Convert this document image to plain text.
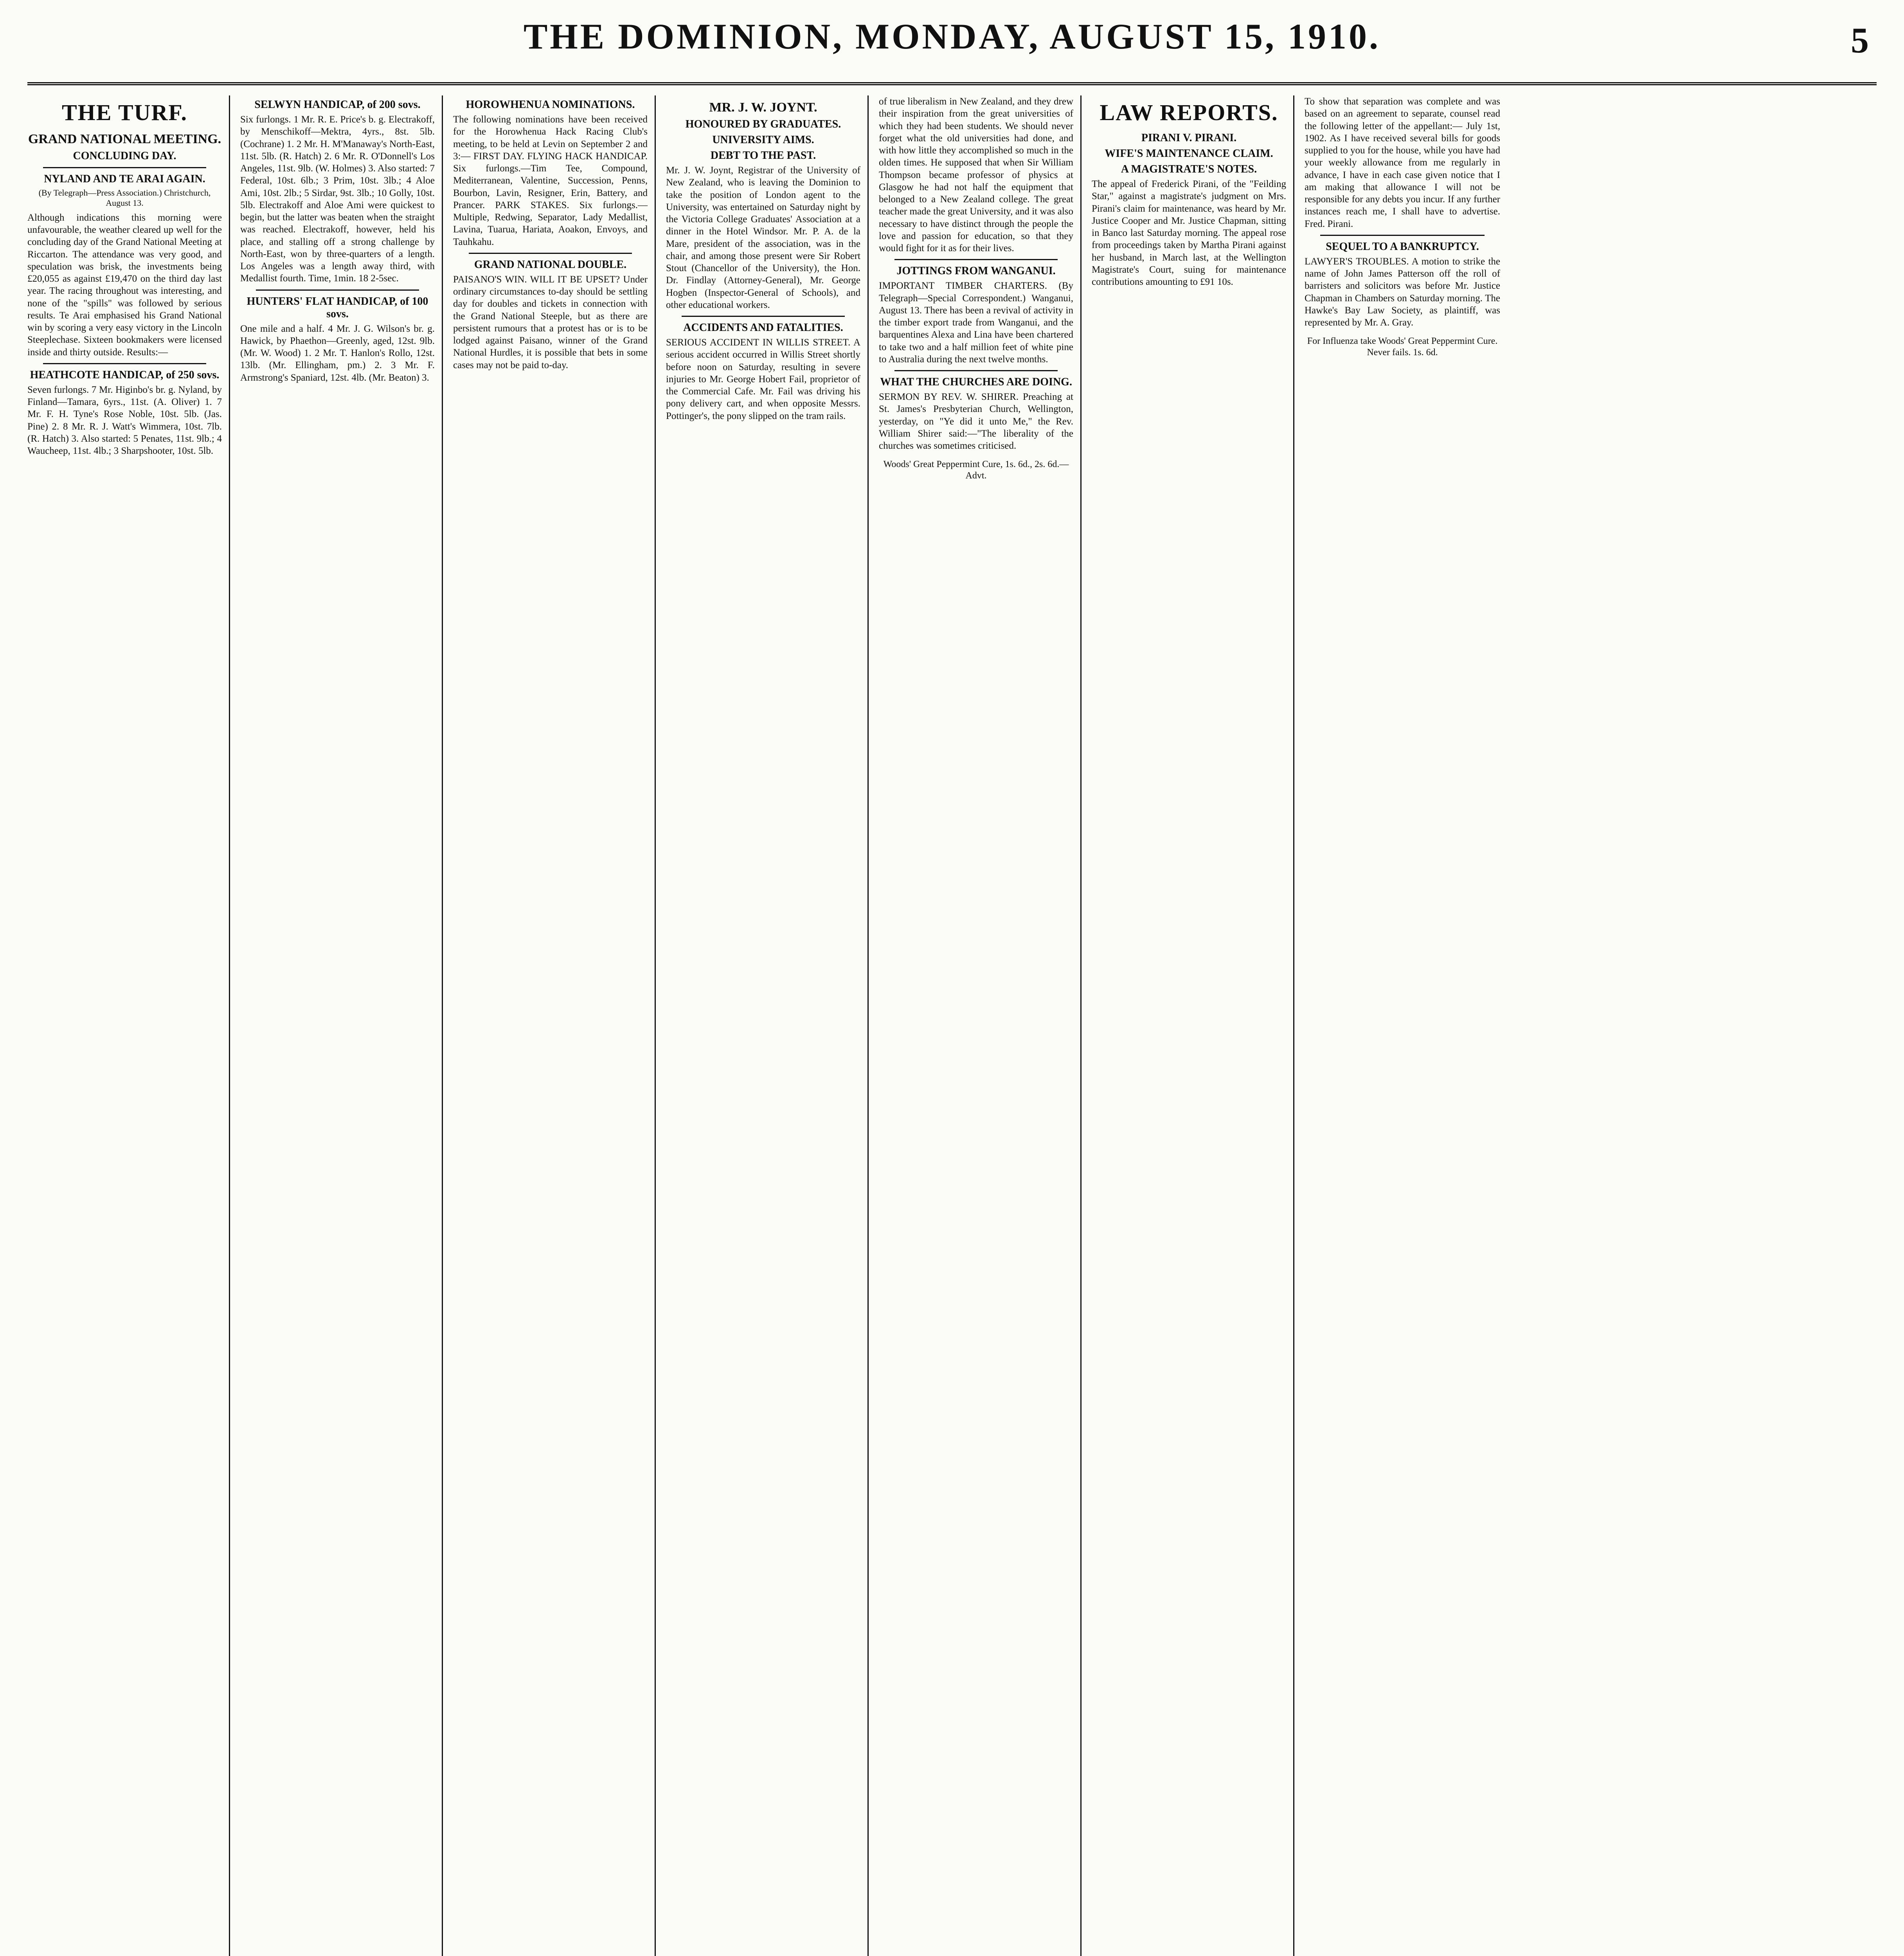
THE DOMINION, MONDAY, AUGUST 15, 1910.	5
THE TURF.
GRAND NATIONAL MEETING.
CONCLUDING DAY.
NYLAND AND TE ARAI AGAIN.

(By Telegraph—Press Association.) Christchurch, August 13.

Although indications this morning were unfavourable, the weather cleared up well for the concluding day of the Grand National Meeting at Riccarton. The attendance was very good, and speculation was brisk, the investments being £20,055 as against £19,470 on the third day last year. The racing throughout was interesting, and none of the "spills" was followed by serious results. Te Arai emphasised his Grand National win by scoring a very easy victory in the Lincoln Steeplechase. Sixteen bookmakers were licensed inside and thirty outside. Results:—

HEATHCOTE HANDICAP, of 250 sovs.

Seven furlongs. 7 Mr. Higinbo's br. g. Nyland, by Finland—Tamara, 6yrs., 11st. (A. Oliver) 1. 7 Mr. F. H. Tyne's Rose Noble, 10st. 5lb. (Jas. Pine) 2. 8 Mr. R. J. Watt's Wimmera, 10st. 7lb. (R. Hatch) 3. Also started: 5 Penates, 11st. 9lb.; 4 Waucheep, 11st. 4lb.; 3 Sharpshooter, 10st. 5lb.

SELWYN HANDICAP, of 200 sovs.

Six furlongs. 1 Mr. R. E. Price's b. g. Electrakoff, by Menschikoff—Mektra, 4yrs., 8st. 5lb. (Cochrane) 1. 2 Mr. H. M'Manaway's North-East, 11st. 5lb. (R. Hatch) 2. 6 Mr. R. O'Donnell's Los Angeles, 11st. 9lb. (W. Holmes) 3. Also started: 7 Federal, 10st. 6lb.; 3 Prim, 10st. 3lb.; 4 Aloe Ami, 10st. 2lb.; 5 Sirdar, 9st. 3lb.; 10 Golly, 10st. 5lb. Electrakoff and Aloe Ami were quickest to begin, but the latter was beaten when the straight was reached. Electrakoff, however, held his place, and stalling off a strong challenge by North-East, won by three-quarters of a length. Los Angeles was a length away third, with Medallist fourth. Time, 1min. 18 2-5sec.

HUNTERS' FLAT HANDICAP, of 100 sovs.

One mile and a half. 4 Mr. J. G. Wilson's br. g. Hawick, by Phaethon—Greenly, aged, 12st. 9lb. (Mr. W. Wood) 1. 2 Mr. T. Hanlon's Rollo, 12st. 13lb. (Mr. Ellingham, pm.) 2. 3 Mr. F. Armstrong's Spaniard, 12st. 4lb. (Mr. Beaton) 3.

HOROWHENUA NOMINATIONS.

The following nominations have been received for the Horowhenua Hack Racing Club's meeting, to be held at Levin on September 2 and 3:— FIRST DAY. FLYING HACK HANDICAP. Six furlongs.—Tim Tee, Compound, Mediterranean, Valentine, Succession, Penns, Bourbon, Lavin, Resigner, Erin, Battery, and Prancer. PARK STAKES. Six furlongs.—Multiple, Redwing, Separator, Lady Medallist, Lavina, Tuarua, Hariata, Aoakon, Envoys, and Tauhkahu.

GRAND NATIONAL DOUBLE.

PAISANO'S WIN. WILL IT BE UPSET? Under ordinary circumstances to-day should be settling day for doubles and tickets in connection with the Grand National Steeple, but as there are persistent rumours that a protest has or is to be lodged against Paisano, winner of the Grand National Hurdles, it is possible that bets in some cases may not be paid to-day.

MR. J. W. JOYNT.
HONOURED BY GRADUATES.
UNIVERSITY AIMS.
DEBT TO THE PAST.

Mr. J. W. Joynt, Registrar of the University of New Zealand, who is leaving the Dominion to take the position of London agent to the University, was entertained on Saturday night by the Victoria College Graduates' Association at a dinner in the Hotel Windsor. Mr. P. A. de la Mare, president of the association, was in the chair, and among those present were Sir Robert Stout (Chancellor of the University), the Hon. Dr. Findlay (Attorney-General), Mr. George Hogben (Inspector-General of Schools), and other educational workers.

ACCIDENTS AND FATALITIES.

SERIOUS ACCIDENT IN WILLIS STREET. A serious accident occurred in Willis Street shortly before noon on Saturday, resulting in severe injuries to Mr. George Hobert Fail, proprietor of the Commercial Cafe. Mr. Fail was driving his pony delivery cart, and when opposite Messrs. Pottinger's, the pony slipped on the tram rails.

of true liberalism in New Zealand, and they drew their inspiration from the great universities of which they had been students. We should never forget what the old universities had done, and with how little they accomplished so much in the olden times. He supposed that when Sir William Thompson became professor of physics at Glasgow he had not half the equipment that belonged to a New Zealand college. The great teacher made the great University, and it was also necessary to have distinct through the people the love and passion for education, so that they would fight for it as for their lives.

JOTTINGS FROM WANGANUI.

IMPORTANT TIMBER CHARTERS. (By Telegraph—Special Correspondent.) Wanganui, August 13. There has been a revival of activity in the timber export trade from Wanganui, and the barquentines Alexa and Lina have been chartered to take two and a half million feet of white pine to Australia during the next twelve months.

WHAT THE CHURCHES ARE DOING.

SERMON BY REV. W. SHIRER. Preaching at St. James's Presbyterian Church, Wellington, yesterday, on "Ye did it unto Me," the Rev. William Shirer said:—"The liberality of the churches was sometimes criticised.

Woods' Great Peppermint Cure, 1s. 6d., 2s. 6d.—Advt.

LAW REPORTS.
PIRANI V. PIRANI.
WIFE'S MAINTENANCE CLAIM.
A MAGISTRATE'S NOTES.

The appeal of Frederick Pirani, of the "Feilding Star," against a magistrate's judgment on Mrs. Pirani's claim for maintenance, was heard by Mr. Justice Cooper and Mr. Justice Chapman, sitting in Banco last Saturday morning. The appeal rose from proceedings taken by Martha Pirani against her husband, in March last, at the Wellington Magistrate's Court, suing for maintenance contributions amounting to £91 10s.

To show that separation was complete and was based on an agreement to separate, counsel read the following letter of the appellant:— July 1st, 1902. As I have received several bills for goods supplied to you for the house, while you have had your weekly allowance from me regularly in advance, I have in each case given notice that I am making that allowance I will not be responsible for any debts you incur. If any further instances reach me, I shall have to advertise. Fred. Pirani.

SEQUEL TO A BANKRUPTCY.

LAWYER'S TROUBLES. A motion to strike the name of John James Patterson off the roll of barristers and solicitors was before Mr. Justice Chapman in Chambers on Saturday morning. The Hawke's Bay Law Society, as plaintiff, was represented by Mr. A. Gray.

For Influenza take Woods' Great Peppermint Cure. Never fails. 1s. 6d.
